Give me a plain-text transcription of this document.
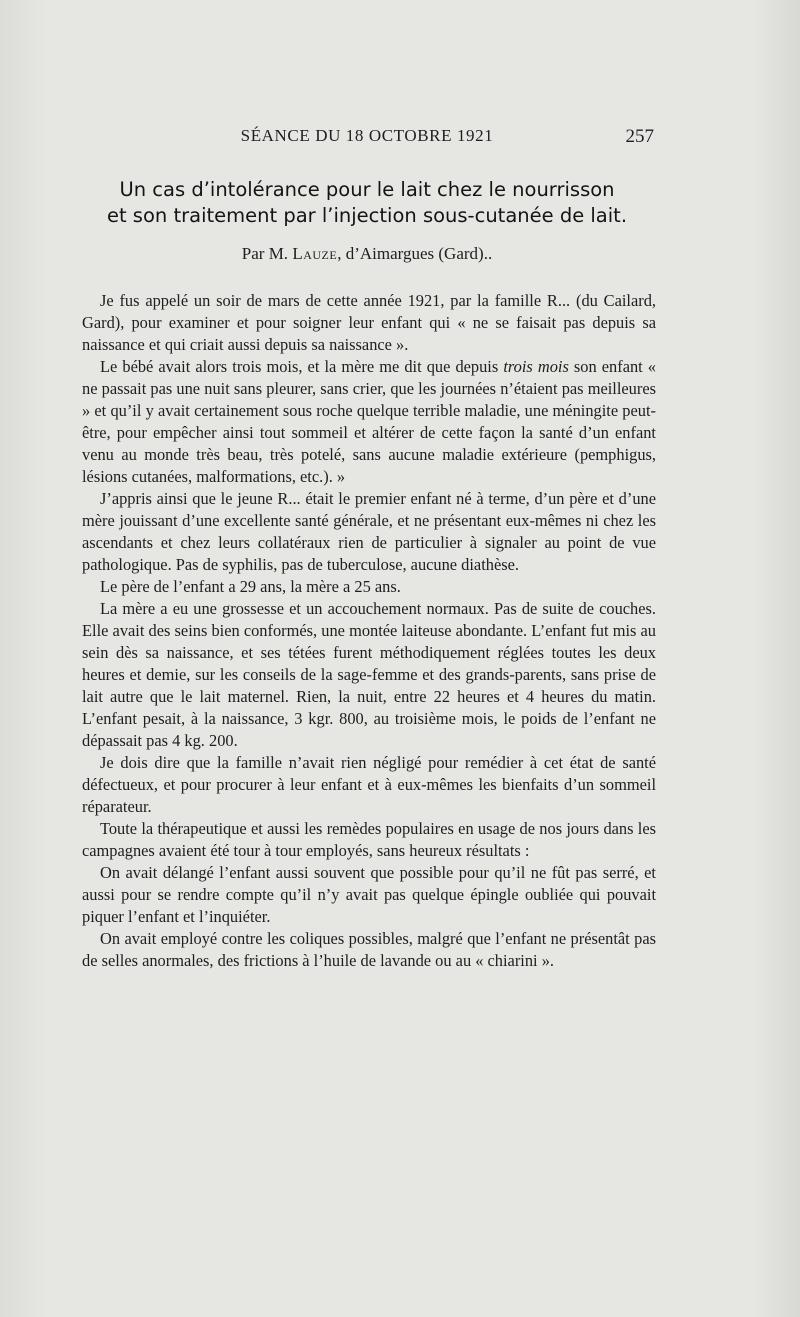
SÉANCE DU 18 OCTOBRE 1921	257
Un cas d’intolérance pour le lait chez le nourrisson
et son traitement par l’injection sous-cutanée de lait.
Par M. Lauze, d’Aimargues (Gard)..

Je fus appelé un soir de mars de cette année 1921, par la famille R... (du Cailard, Gard), pour examiner et pour soigner leur enfant qui « ne se faisait pas depuis sa naissance et qui criait aussi depuis sa naissance ».

Le bébé avait alors trois mois, et la mère me dit que depuis trois mois son enfant « ne passait pas une nuit sans pleurer, sans crier, que les journées n’étaient pas meilleures » et qu’il y avait certainement sous roche quelque terrible maladie, une méningite peut-être, pour empêcher ainsi tout sommeil et altérer de cette façon la santé d’un enfant venu au monde très beau, très potelé, sans aucune maladie extérieure (pemphigus, lésions cutanées, malformations, etc.). »

J’appris ainsi que le jeune R... était le premier enfant né à terme, d’un père et d’une mère jouissant d’une excellente santé générale, et ne présentant eux-mêmes ni chez les ascendants et chez leurs collatéraux rien de particulier à signaler au point de vue pathologique. Pas de syphilis, pas de tuberculose, aucune diathèse.

Le père de l’enfant a 29 ans, la mère a 25 ans.

La mère a eu une grossesse et un accouchement normaux. Pas de suite de couches. Elle avait des seins bien conformés, une montée laiteuse abondante. L’enfant fut mis au sein dès sa naissance, et ses tétées furent méthodiquement réglées toutes les deux heures et demie, sur les conseils de la sage-femme et des grands-parents, sans prise de lait autre que le lait maternel. Rien, la nuit, entre 22 heures et 4 heures du matin. L’enfant pesait, à la naissance, 3 kgr. 800, au troisième mois, le poids de l’enfant ne dépassait pas 4 kg. 200.

Je dois dire que la famille n’avait rien négligé pour remédier à cet état de santé défectueux, et pour procurer à leur enfant et à eux-mêmes les bienfaits d’un sommeil réparateur.

Toute la thérapeutique et aussi les remèdes populaires en usage de nos jours dans les campagnes avaient été tour à tour employés, sans heureux résultats :

On avait délangé l’enfant aussi souvent que possible pour qu’il ne fût pas serré, et aussi pour se rendre compte qu’il n’y avait pas quelque épingle oubliée qui pouvait piquer l’enfant et l’inquiéter.

On avait employé contre les coliques possibles, malgré que l’enfant ne présentât pas de selles anormales, des frictions à l’huile de lavande ou au « chiarini ».
